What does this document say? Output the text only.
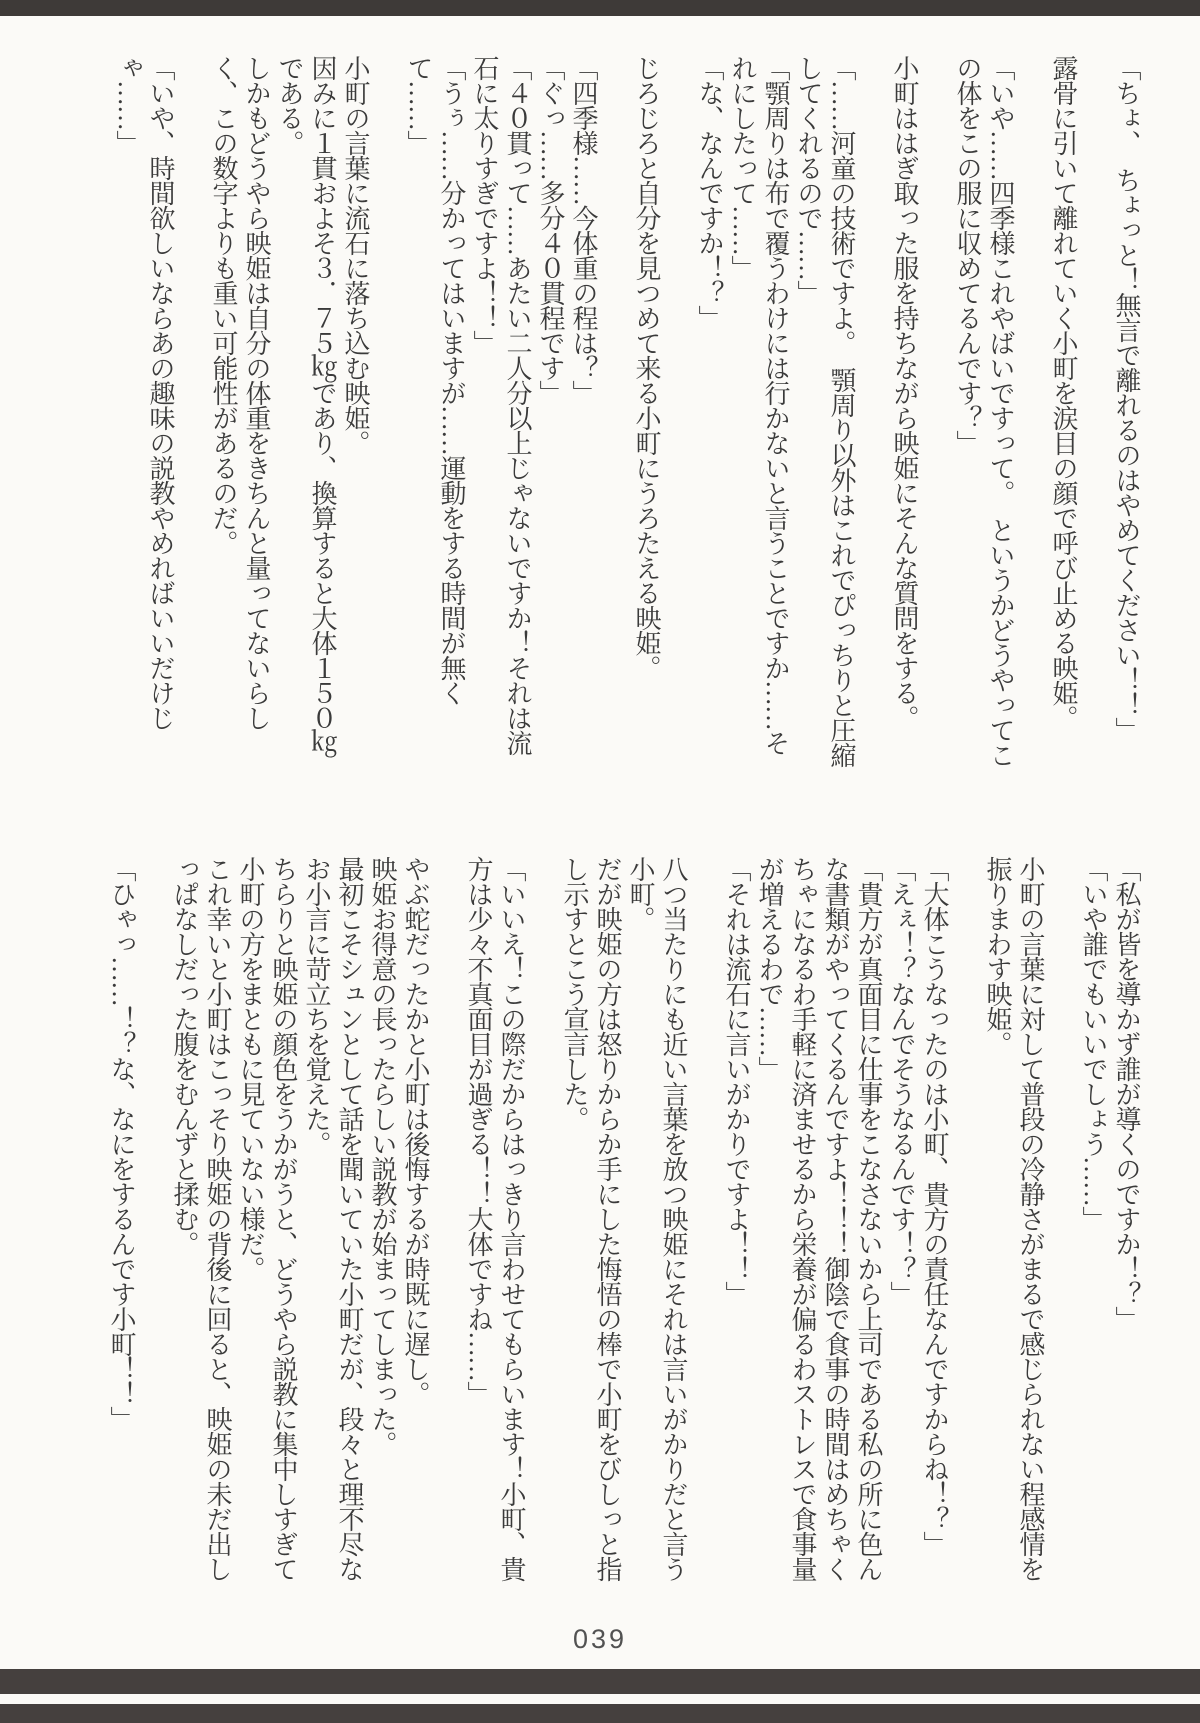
「ちょ、　ちょっと！無言で離れるのはやめてください！！」

露骨に引いて離れていく小町を涙目の顔で呼び止める映姫。

「いや……四季様これやばいですって。　というかどうやってこの体をこの服に収めてるんです？」

小町ははぎ取った服を持ちながら映姫にそんな質問をする。

「……河童の技術ですよ。　顎周り以外はこれでぴっちりと圧縮してくれるので……」

「顎周りは布で覆うわけには行かないと言うことですか……それにしたって……」

「な、なんですか！？」

じろじろと自分を見つめて来る小町にうろたえる映姫。

「四季様……今体重の程は？」

「ぐっ……多分４０貫程です」

「４０貫って……あたい二人分以上じゃないですか！それは流石に太りすぎですよ！！」

「うぅ……分かってはいますが……運動をする時間が無くて……」

小町の言葉に流石に落ち込む映姫。

因みに１貫およそ３．７５㎏であり、換算すると大体１５０㎏である。

しかもどうやら映姫は自分の体重をきちんと量ってないらしく、この数字よりも重い可能性があるのだ。

「いや、時間欲しいならあの趣味の説教やめればいいだけじゃ……」

「私が皆を導かず誰が導くのですか！？」

「いや誰でもいいでしょう……」

小町の言葉に対して普段の冷静さがまるで感じられない程感情を振りまわす映姫。

「大体こうなったのは小町、貴方の責任なんですからね！？」

「えぇ！？なんでそうなるんです！？」

「貴方が真面目に仕事をこなさないから上司である私の所に色んな書類がやってくるんですよ！！！御陰で食事の時間はめちゃくちゃになるわ手軽に済ませるから栄養が偏るわストレスで食事量が増えるわで……」

「それは流石に言いがかりですよ！！」

八つ当たりにも近い言葉を放つ映姫にそれは言いがかりだと言う小町。

だが映姫の方は怒りからか手にした悔悟の棒で小町をびしっと指し示すとこう宣言した。

「いいえ！この際だからはっきり言わせてもらいます！小町、貴方は少々不真面目が過ぎる！！大体ですね……」

やぶ蛇だったかと小町は後悔するが時既に遅し。

映姫お得意の長ったらしい説教が始まってしまった。

最初こそシュンとして話を聞いていた小町だが、段々と理不尽なお小言に苛立ちを覚えた。

ちらりと映姫の顔色をうかがうと、どうやら説教に集中しすぎて小町の方をまともに見ていない様だ。

これ幸いと小町はこっそり映姫の背後に回ると、映姫の未だ出しっぱなしだった腹をむんずと揉む。

「ひゃっ……！？な、なにをするんです小町！！」

039
